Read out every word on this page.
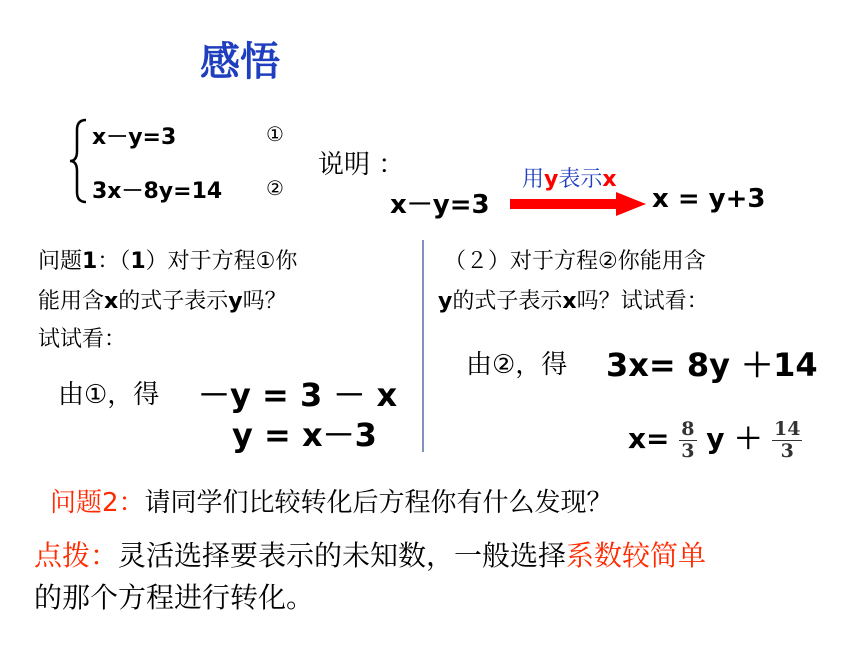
感悟
x－y=3	①
3x－8y=14 ②
说明 ：	用y表示x
x－y=3	x = y+3
问题1：（1）对于方程①你
能用含x的式子表示y吗？
试试看：
由①，得 －y = 3 － x
y = x－3
（２）对于方程②你能用含
y的式子表示x吗？试试看：
由②，得 3x= 8y ＋14
$x= \frac{8}{3}$ $y + \frac{14}{3}$
问题2：请同学们比较转化后方程你有什么发现？
点拨：灵活选择要表示的未知数，一般选择系数较简单
的那个方程进行转化。
